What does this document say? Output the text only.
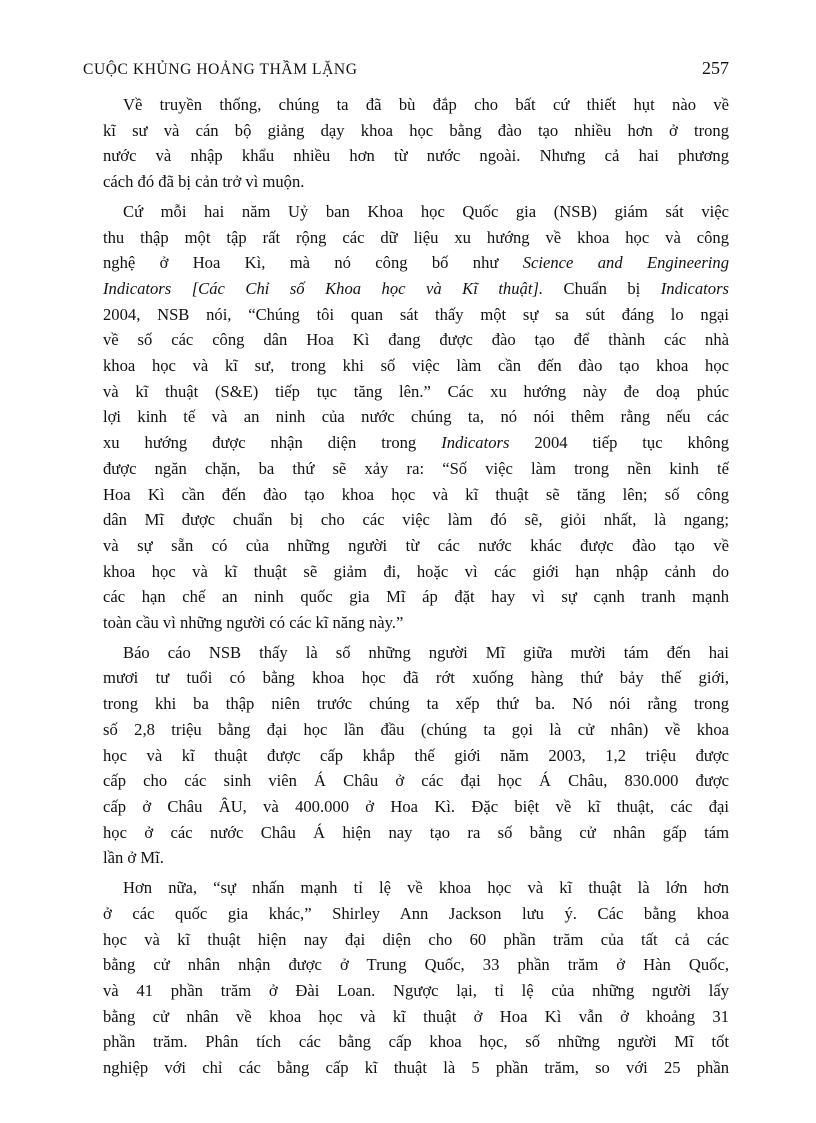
CUỘC KHỦNG HOẢNG THẦM LẶNG	257
Về truyền thống, chúng ta đã bù đắp cho bất cứ thiết hụt nào về
kĩ sư và cán bộ giảng dạy khoa học bằng đào tạo nhiều hơn ở trong
nước và nhập khẩu nhiều hơn từ nước ngoài. Nhưng cả hai phương
cách đó đã bị cản trở vì muộn.
Cứ mỗi hai năm Uỷ ban Khoa học Quốc gia (NSB) giám sát việc
thu thập một tập rất rộng các dữ liệu xu hướng về khoa học và công
nghệ ở Hoa Kì, mà nó công bố như Science and Engineering
Indicators [Các Chỉ số Khoa học và Kĩ thuật]. Chuẩn bị Indicators
2004, NSB nói, “Chúng tôi quan sát thấy một sự sa sút đáng lo ngại
về số các công dân Hoa Kì đang được đào tạo để thành các nhà
khoa học và kĩ sư, trong khi số việc làm cần đến đào tạo khoa học
và kĩ thuật (S&E) tiếp tục tăng lên.” Các xu hướng này đe doạ phúc
lợi kinh tế và an ninh của nước chúng ta, nó nói thêm rằng nếu các
xu hướng được nhận diện trong Indicators 2004 tiếp tục không
được ngăn chặn, ba thứ sẽ xảy ra: “Số việc làm trong nền kinh tế
Hoa Kì cần đến đào tạo khoa học và kĩ thuật sẽ tăng lên; số công
dân Mĩ được chuẩn bị cho các việc làm đó sẽ, giỏi nhất, là ngang;
và sự sẵn có của những người từ các nước khác được đào tạo về
khoa học và kĩ thuật sẽ giảm đi, hoặc vì các giới hạn nhập cảnh do
các hạn chế an ninh quốc gia Mĩ áp đặt hay vì sự cạnh tranh mạnh
toàn cầu vì những người có các kĩ năng này.”
Báo cáo NSB thấy là số những người Mĩ giữa mười tám đến hai
mươi tư tuổi có bằng khoa học đã rớt xuống hàng thứ bảy thế giới,
trong khi ba thập niên trước chúng ta xếp thứ ba. Nó nói rằng trong
số 2,8 triệu bằng đại học lần đầu (chúng ta gọi là cử nhân) về khoa
học và kĩ thuật được cấp khắp thế giới năm 2003, 1,2 triệu được
cấp cho các sinh viên Á Châu ở các đại học Á Châu, 830.000 được
cấp ở Châu ÂU, và 400.000 ở Hoa Kì. Đặc biệt về kĩ thuật, các đại
học ở các nước Châu Á hiện nay tạo ra số bằng cử nhân gấp tám
lần ở Mĩ.
Hơn nữa, “sự nhấn mạnh tỉ lệ về khoa học và kĩ thuật là lớn hơn
ở các quốc gia khác,” Shirley Ann Jackson lưu ý. Các bằng khoa
học và kĩ thuật hiện nay đại diện cho 60 phần trăm của tất cả các
bằng cử nhân nhận được ở Trung Quốc, 33 phần trăm ở Hàn Quốc,
và 41 phần trăm ở Đài Loan. Ngược lại, tỉ lệ của những người lấy
bằng cử nhân về khoa học và kĩ thuật ở Hoa Kì vẫn ở khoảng 31
phần trăm. Phân tích các bằng cấp khoa học, số những người Mĩ tốt
nghiệp với chỉ các bằng cấp kĩ thuật là 5 phần trăm, so với 25 phần
